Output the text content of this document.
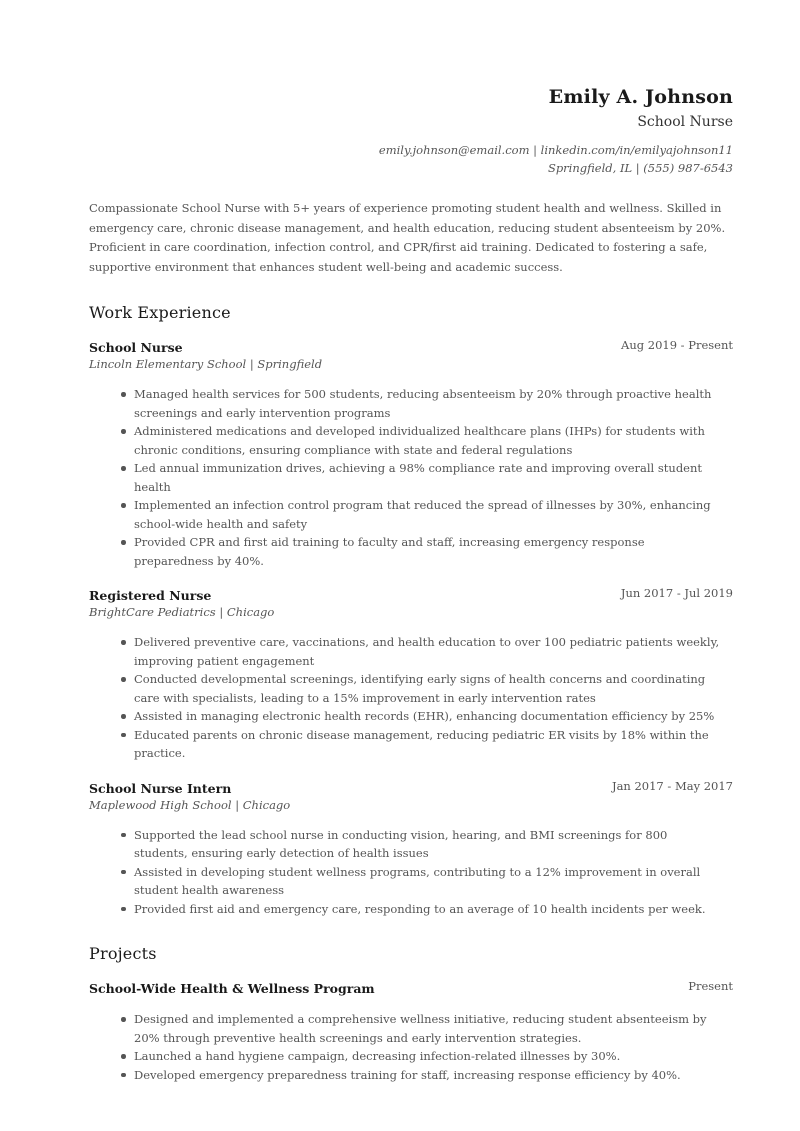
Emily A. Johnson
School Nurse
emily.johnson@email.com | linkedin.com/in/emilyajohnson11
Springfield, IL | (555) 987-6543
Compassionate School Nurse with 5+ years of experience promoting student health and wellness. Skilled in emergency care, chronic disease management, and health education, reducing student absenteeism by 20%. Proficient in care coordination, infection control, and CPR/first aid training. Dedicated to fostering a safe, supportive environment that enhances student well-being and academic success.
Work Experience
School Nurse	Aug 2019 - Present
Lincoln Elementary School | Springfield
Managed health services for 500 students, reducing absenteeism by 20% through proactive health screenings and early intervention programs
Administered medications and developed individualized healthcare plans (IHPs) for students with chronic conditions, ensuring compliance with state and federal regulations
Led annual immunization drives, achieving a 98% compliance rate and improving overall student health
Implemented an infection control program that reduced the spread of illnesses by 30%, enhancing school-wide health and safety
Provided CPR and first aid training to faculty and staff, increasing emergency response preparedness by 40%.
Registered Nurse	Jun 2017 - Jul 2019
BrightCare Pediatrics | Chicago
Delivered preventive care, vaccinations, and health education to over 100 pediatric patients weekly, improving patient engagement
Conducted developmental screenings, identifying early signs of health concerns and coordinating care with specialists, leading to a 15% improvement in early intervention rates
Assisted in managing electronic health records (EHR), enhancing documentation efficiency by 25%
Educated parents on chronic disease management, reducing pediatric ER visits by 18% within the practice.
School Nurse Intern	Jan 2017 - May 2017
Maplewood High School | Chicago
Supported the lead school nurse in conducting vision, hearing, and BMI screenings for 800 students, ensuring early detection of health issues
Assisted in developing student wellness programs, contributing to a 12% improvement in overall student health awareness
Provided first aid and emergency care, responding to an average of 10 health incidents per week.
Projects
School-Wide Health & Wellness Program	Present
Designed and implemented a comprehensive wellness initiative, reducing student absenteeism by 20% through preventive health screenings and early intervention strategies.
Launched a hand hygiene campaign, decreasing infection-related illnesses by 30%.
Developed emergency preparedness training for staff, increasing response efficiency by 40%.
